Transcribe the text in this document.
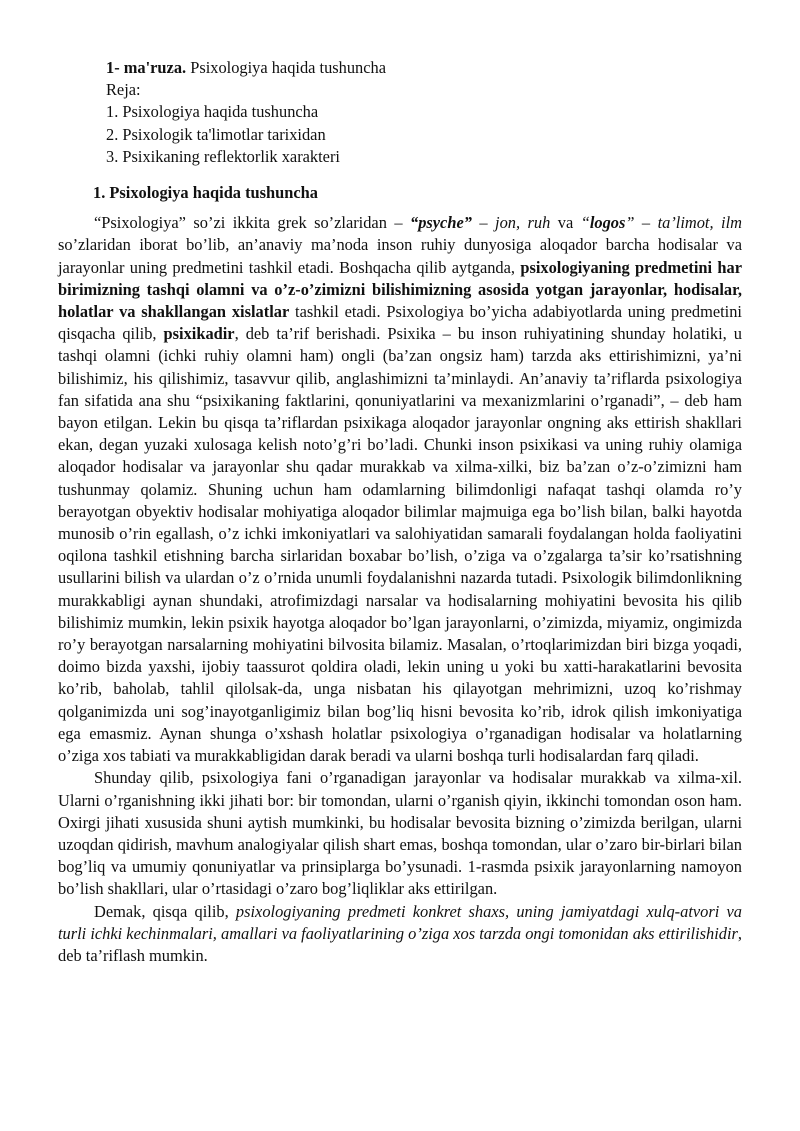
1- ma'ruza. Psixologiya haqida tushuncha
Reja:
1. Psixologiya haqida tushuncha
2. Psixologik ta'limotlar tarixidan
3. Psixikaning reflektorlik xarakteri
1. Psixologiya haqida tushuncha

“Psixologiya” so’zi ikkita grek so’zlaridan – “psyche” – jon, ruh va “logos” – ta’limot, ilm so’zlaridan iborat bo’lib, an’anaviy ma’noda inson ruhiy dunyosiga aloqador barcha hodisalar va jarayonlar uning predmetini tashkil etadi. Boshqacha qilib aytganda, psixologiyaning predmetini har birimizning tashqi olamni va o’z-o’zimizni bilishimizning asosida yotgan jarayonlar, hodisalar, holatlar va shakllangan xislatlar tashkil etadi. Psixologiya bo’yicha adabiyotlarda uning predmetini qisqacha qilib, psixikadir, deb ta’rif berishadi. Psixika – bu inson ruhiyatining shunday holatiki, u tashqi olamni (ichki ruhiy olamni ham) ongli (ba’zan ongsiz ham) tarzda aks ettirishimizni, ya’ni bilishimiz, his qilishimiz, tasavvur qilib, anglashimizni ta’minlaydi. An’anaviy ta’riflarda psixologiya fan sifatida ana shu “psixikaning faktlarini, qonuniyatlarini va mexanizmlarini o’rganadi”, – deb ham bayon etilgan. Lekin bu qisqa ta’riflardan psixikaga aloqador jarayonlar ongning aks ettirish shakllari ekan, degan yuzaki xulosaga kelish noto’g’ri bo’ladi. Chunki inson psixikasi va uning ruhiy olamiga aloqador hodisalar va jarayonlar shu qadar murakkab va xilma-xilki, biz ba’zan o’z-o’zimizni ham tushunmay qolamiz. Shuning uchun ham odamlarning bilimdonligi nafaqat tashqi olamda ro’y berayotgan obyektiv hodisalar mohiyatiga aloqador bilimlar majmuiga ega bo’lish bilan, balki hayotda munosib o’rin egallash, o’z ichki imkoniyatlari va salohiyatidan samarali foydalangan holda faoliyatini oqilona tashkil etishning barcha sirlaridan boxabar bo’lish, o’ziga va o’zgalarga ta’sir ko’rsatishning usullarini bilish va ulardan o’z o’rnida unumli foydalanishni nazarda tutadi. Psixologik bilimdonlikning murakkabligi aynan shundaki, atrofimizdagi narsalar va hodisalarning mohiyatini bevosita his qilib bilishimiz mumkin, lekin psixik hayotga aloqador bo’lgan jarayonlarni, o’zimizda, miyamiz, ongimizda ro’y berayotgan narsalarning mohiyatini bilvosita bilamiz. Masalan, o’rtoqlarimizdan biri bizga yoqadi, doimo bizda yaxshi, ijobiy taassurot qoldira oladi, lekin uning u yoki bu xatti-harakatlarini bevosita ko’rib, baholab, tahlil qilolsak-da, unga nisbatan his qilayotgan mehrimizni, uzoq ko’rishmay qolganimizda uni sog’inayotganligimiz bilan bog’liq hisni bevosita ko’rib, idrok qilish imkoniyatiga ega emasmiz. Aynan shunga o’xshash holatlar psixologiya o’rganadigan hodisalar va holatlarning o’ziga xos tabiati va murakkabligidan darak beradi va ularni boshqa turli hodisalardan farq qiladi.

Shunday qilib, psixologiya fani o’rganadigan jarayonlar va hodisalar murakkab va xilma-xil. Ularni o’rganishning ikki jihati bor: bir tomondan, ularni o’rganish qiyin, ikkinchi tomondan oson ham. Oxirgi jihati xususida shuni aytish mumkinki, bu hodisalar bevosita bizning o’zimizda berilgan, ularni uzoqdan qidirish, mavhum analogiyalar qilish shart emas, boshqa tomondan, ular o’zaro bir-birlari bilan bog’liq va umumiy qonuniyatlar va prinsiplarga bo’ysunadi. 1-rasmda psixik jarayonlarning namoyon bo’lish shakllari, ular o’rtasidagi o’zaro bog’liqliklar aks ettirilgan.

Demak, qisqa qilib, psixologiyaning predmeti konkret shaxs, uning jamiyatdagi xulq-atvori va turli ichki kechinmalari, amallari va faoliyatlarining o’ziga xos tarzda ongi tomonidan aks ettirilishidir, deb ta’riflash mumkin.
